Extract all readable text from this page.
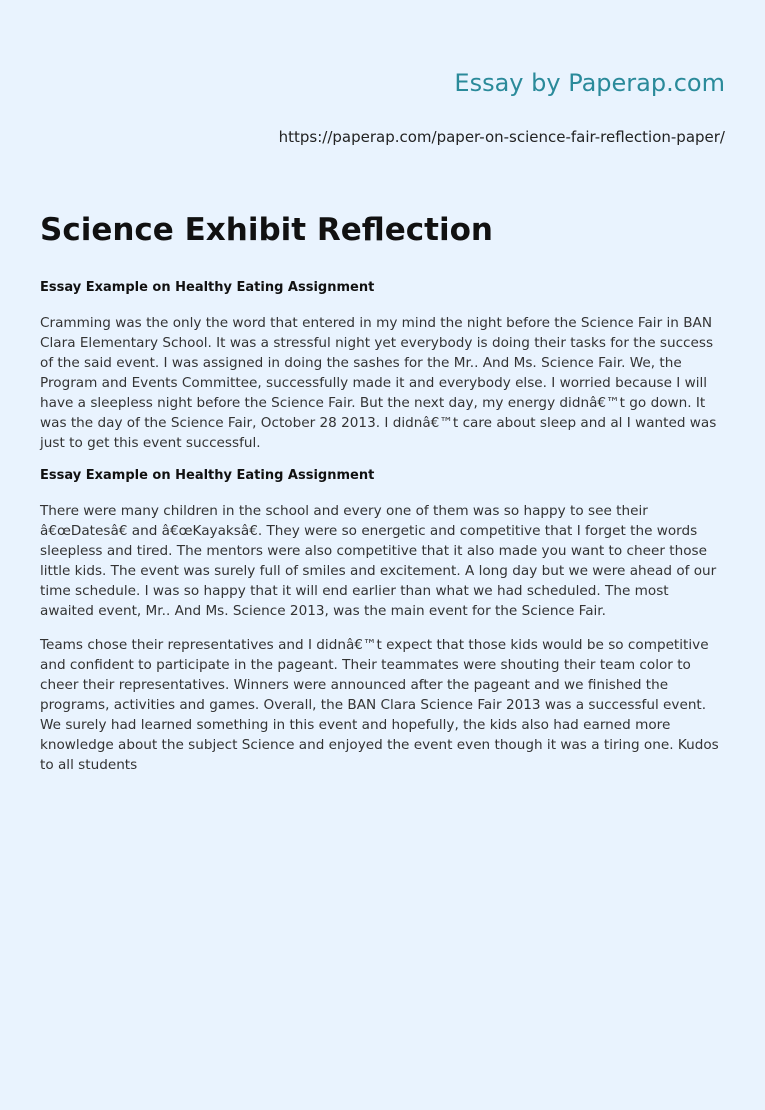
Essay by Paperap.com
https://paperap.com/paper-on-science-fair-reflection-paper/
Science Exhibit Reflection
Essay Example on Healthy Eating Assignment

Cramming was the only the word that entered in my mind the night before the Science Fair in BAN Clara Elementary School. It was a stressful night yet everybody is doing their tasks for the success of the said event. I was assigned in doing the sashes for the Mr.. And Ms. Science Fair. We, the Program and Events Committee, successfully made it and everybody else. I worried because I will have a sleepless night before the Science Fair. But the next day, my energy didnâ€™t go down. It was the day of the Science Fair, October 28 2013. I didnâ€™t care about sleep and al I wanted was just to get this event successful.

Essay Example on Healthy Eating Assignment

There were many children in the school and every one of them was so happy to see their â€œDatesâ€ and â€œKayaksâ€. They were so energetic and competitive that I forget the words sleepless and tired. The mentors were also competitive that it also made you want to cheer those little kids. The event was surely full of smiles and excitement. A long day but we were ahead of our time schedule. I was so happy that it will end earlier than what we had scheduled. The most awaited event, Mr.. And Ms. Science 2013, was the main event for the Science Fair.

Teams chose their representatives and I didnâ€™t expect that those kids would be so competitive and confident to participate in the pageant. Their teammates were shouting their team color to cheer their representatives. Winners were announced after the pageant and we finished the programs, activities and games. Overall, the BAN Clara Science Fair 2013 was a successful event. We surely had learned something in this event and hopefully, the kids also had earned more knowledge about the subject Science and enjoyed the event even though it was a tiring one. Kudos to all students
